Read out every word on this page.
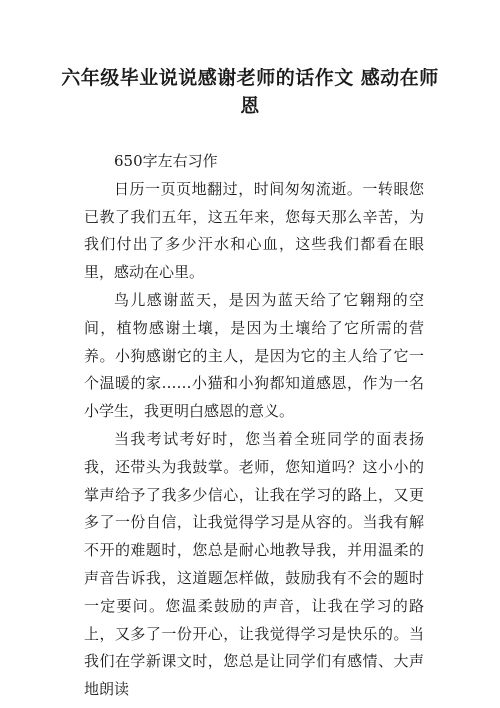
六年级毕业说说感谢老师的话作文 感动在师恩

650字左右习作

日历一页页地翻过，时间匆匆流逝。一转眼您已教了我们五年，这五年来，您每天那么辛苦，为我们付出了多少汗水和心血，这些我们都看在眼里，感动在心里。

鸟儿感谢蓝天，是因为蓝天给了它翱翔的空间，植物感谢土壤，是因为土壤给了它所需的营养。小狗感谢它的主人，是因为它的主人给了它一个温暖的家……小猫和小狗都知道感恩，作为一名小学生，我更明白感恩的意义。

当我考试考好时，您当着全班同学的面表扬我，还带头为我鼓掌。老师，您知道吗？这小小的掌声给予了我多少信心，让我在学习的路上，又更多了一份自信，让我觉得学习是从容的。当我有解不开的难题时，您总是耐心地教导我，并用温柔的声音告诉我，这道题怎样做，鼓励我有不会的题时一定要问。您温柔鼓励的声音，让我在学习的路上，又多了一份开心，让我觉得学习是快乐的。当我们在学新课文时，您总是让同学们有感情、大声地朗读
